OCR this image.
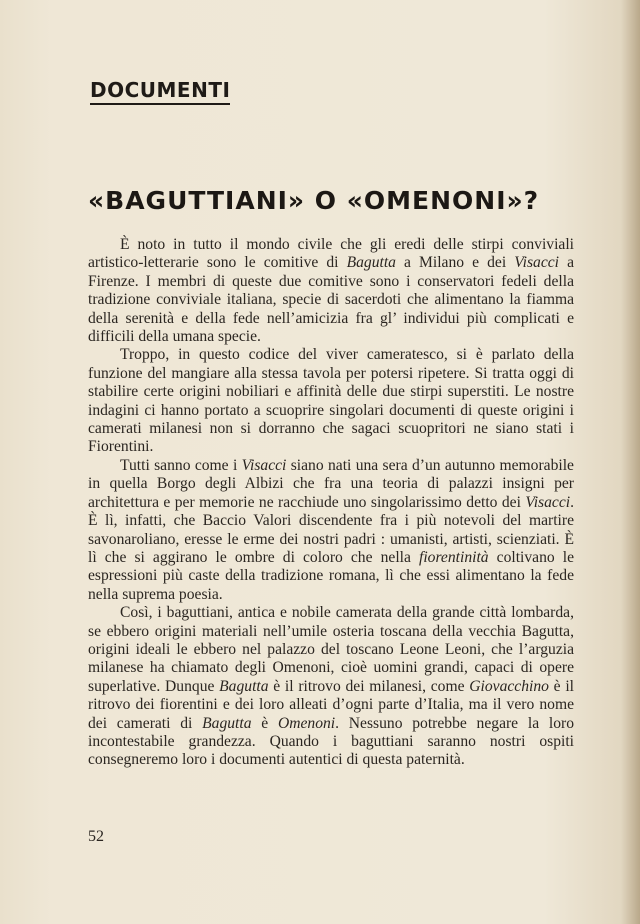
DOCUMENTI
«BAGUTTIANI» O «OMENONI»?

È noto in tutto il mondo civile che gli eredi delle stirpi conviviali artistico-letterarie sono le comitive di Bagutta a Milano e dei Visacci a Firenze. I membri di queste due comitive sono i conservatori fedeli della tradizione conviviale italiana, specie di sacerdoti che alimentano la fiamma della serenità e della fede nell’amicizia fra gl’ individui più complicati e difficili della umana specie.

Troppo, in questo codice del viver cameratesco, si è parlato della funzione del mangiare alla stessa tavola per potersi ripetere. Si tratta oggi di stabilire certe origini nobiliari e affinità delle due stirpi superstiti. Le nostre indagini ci hanno portato a scuoprire singolari documenti di queste origini i camerati milanesi non si dorranno che sagaci scuopritori ne siano stati i Fiorentini.

Tutti sanno come i Visacci siano nati una sera d’un autunno memorabile in quella Borgo degli Albizi che fra una teoria di palazzi insigni per architettura e per memorie ne racchiude uno singolarissimo detto dei Visacci. È lì, infatti, che Baccio Valori discendente fra i più notevoli del martire savonaroliano, eresse le erme dei nostri padri : umanisti, artisti, scienziati. È lì che si aggirano le ombre di coloro che nella fiorentinità coltivano le espressioni più caste della tradizione romana, lì che essi alimentano la fede nella suprema poesia.

Così, i baguttiani, antica e nobile camerata della grande città lombarda, se ebbero origini materiali nell’umile osteria toscana della vecchia Bagutta, origini ideali le ebbero nel palazzo del toscano Leone Leoni, che l’arguzia milanese ha chiamato degli Omenoni, cioè uomini grandi, capaci di opere superlative. Dunque Bagutta è il ritrovo dei milanesi, come Giovacchino è il ritrovo dei fiorentini e dei loro alleati d’ogni parte d’Italia, ma il vero nome dei camerati di Bagutta è Omenoni. Nessuno potrebbe negare la loro incontestabile grandezza. Quando i baguttiani saranno nostri ospiti consegneremo loro i documenti autentici di questa paternità.

52
